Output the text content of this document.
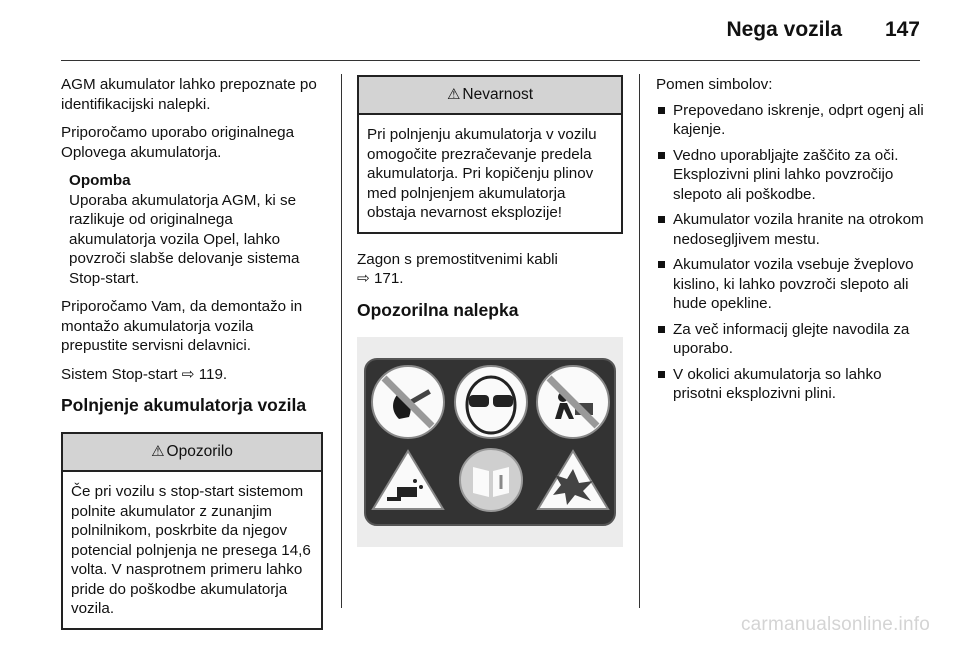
Nega vozila 147

AGM akumulator lahko prepoznate po identifikacijski nalepki.

Priporočamo uporabo originalnega Oplovega akumulatorja.

Opomba
Uporaba akumulatorja AGM, ki se razlikuje od originalnega akumulatorja vozila Opel, lahko povzroči slabše delovanje sistema Stop-start.

Priporočamo Vam, da demontažo in montažo akumulatorja vozila prepustite servisni delavnici.

Sistem Stop-start ⇨ 119.

Polnjenje akumulatorja vozila
⚠ Opozorilo
Če pri vozilu s stop-start sistemom polnite akumulator z zunanjim polnilnikom, poskrbite da njegov potencial polnjenja ne presega 14,6 volta. V nasprotnem primeru lahko pride do poškodbe akumulatorja vozila.
⚠ Nevarnost
Pri polnjenju akumulatorja v vozilu omogočite prezračevanje predela akumulatorja. Pri kopičenju plinov med polnjenjem akumulatorja obstaja nevarnost eksplozije!

Zagon s premostitvenimi kabli
⇨ 171.

Opozorilna nalepka

Pomen simbolov:

Prepovedano iskrenje, odprt ogenj ali kajenje.
Vedno uporabljajte zaščito za oči. Eksplozivni plini lahko povzročijo slepoto ali poškodbe.
Akumulator vozila hranite na otrokom nedosegljivem mestu.
Akumulator vozila vsebuje žveplovo kislino, ki lahko povzroči slepoto ali hude opekline.
Za več informacij glejte navodila za uporabo.
V okolici akumulatorja so lahko prisotni eksplozivni plini.
carmanualsonline.info
